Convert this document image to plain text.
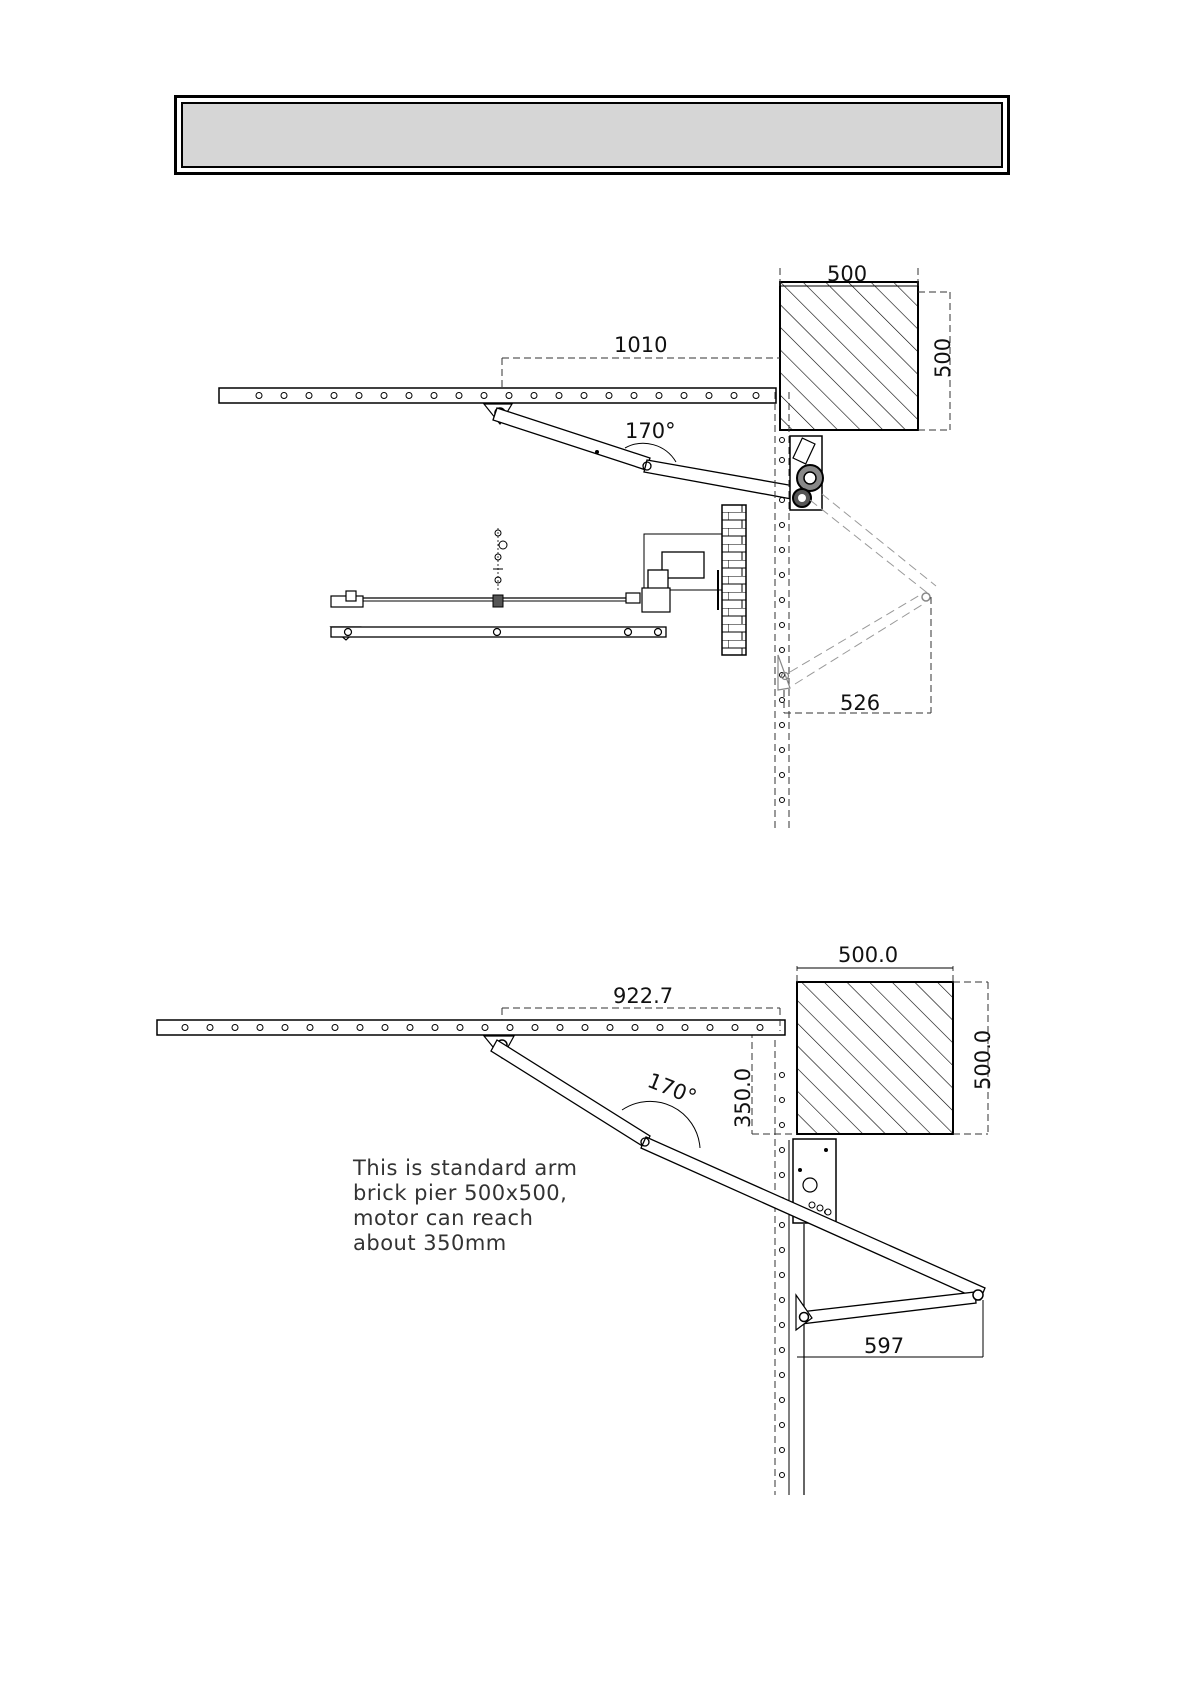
500
500
1010
170°
526
500.0
500.0
350.0
922.7
170°
597
This is standard arm
brick pier 500x500,
motor can reach
about 350mm
